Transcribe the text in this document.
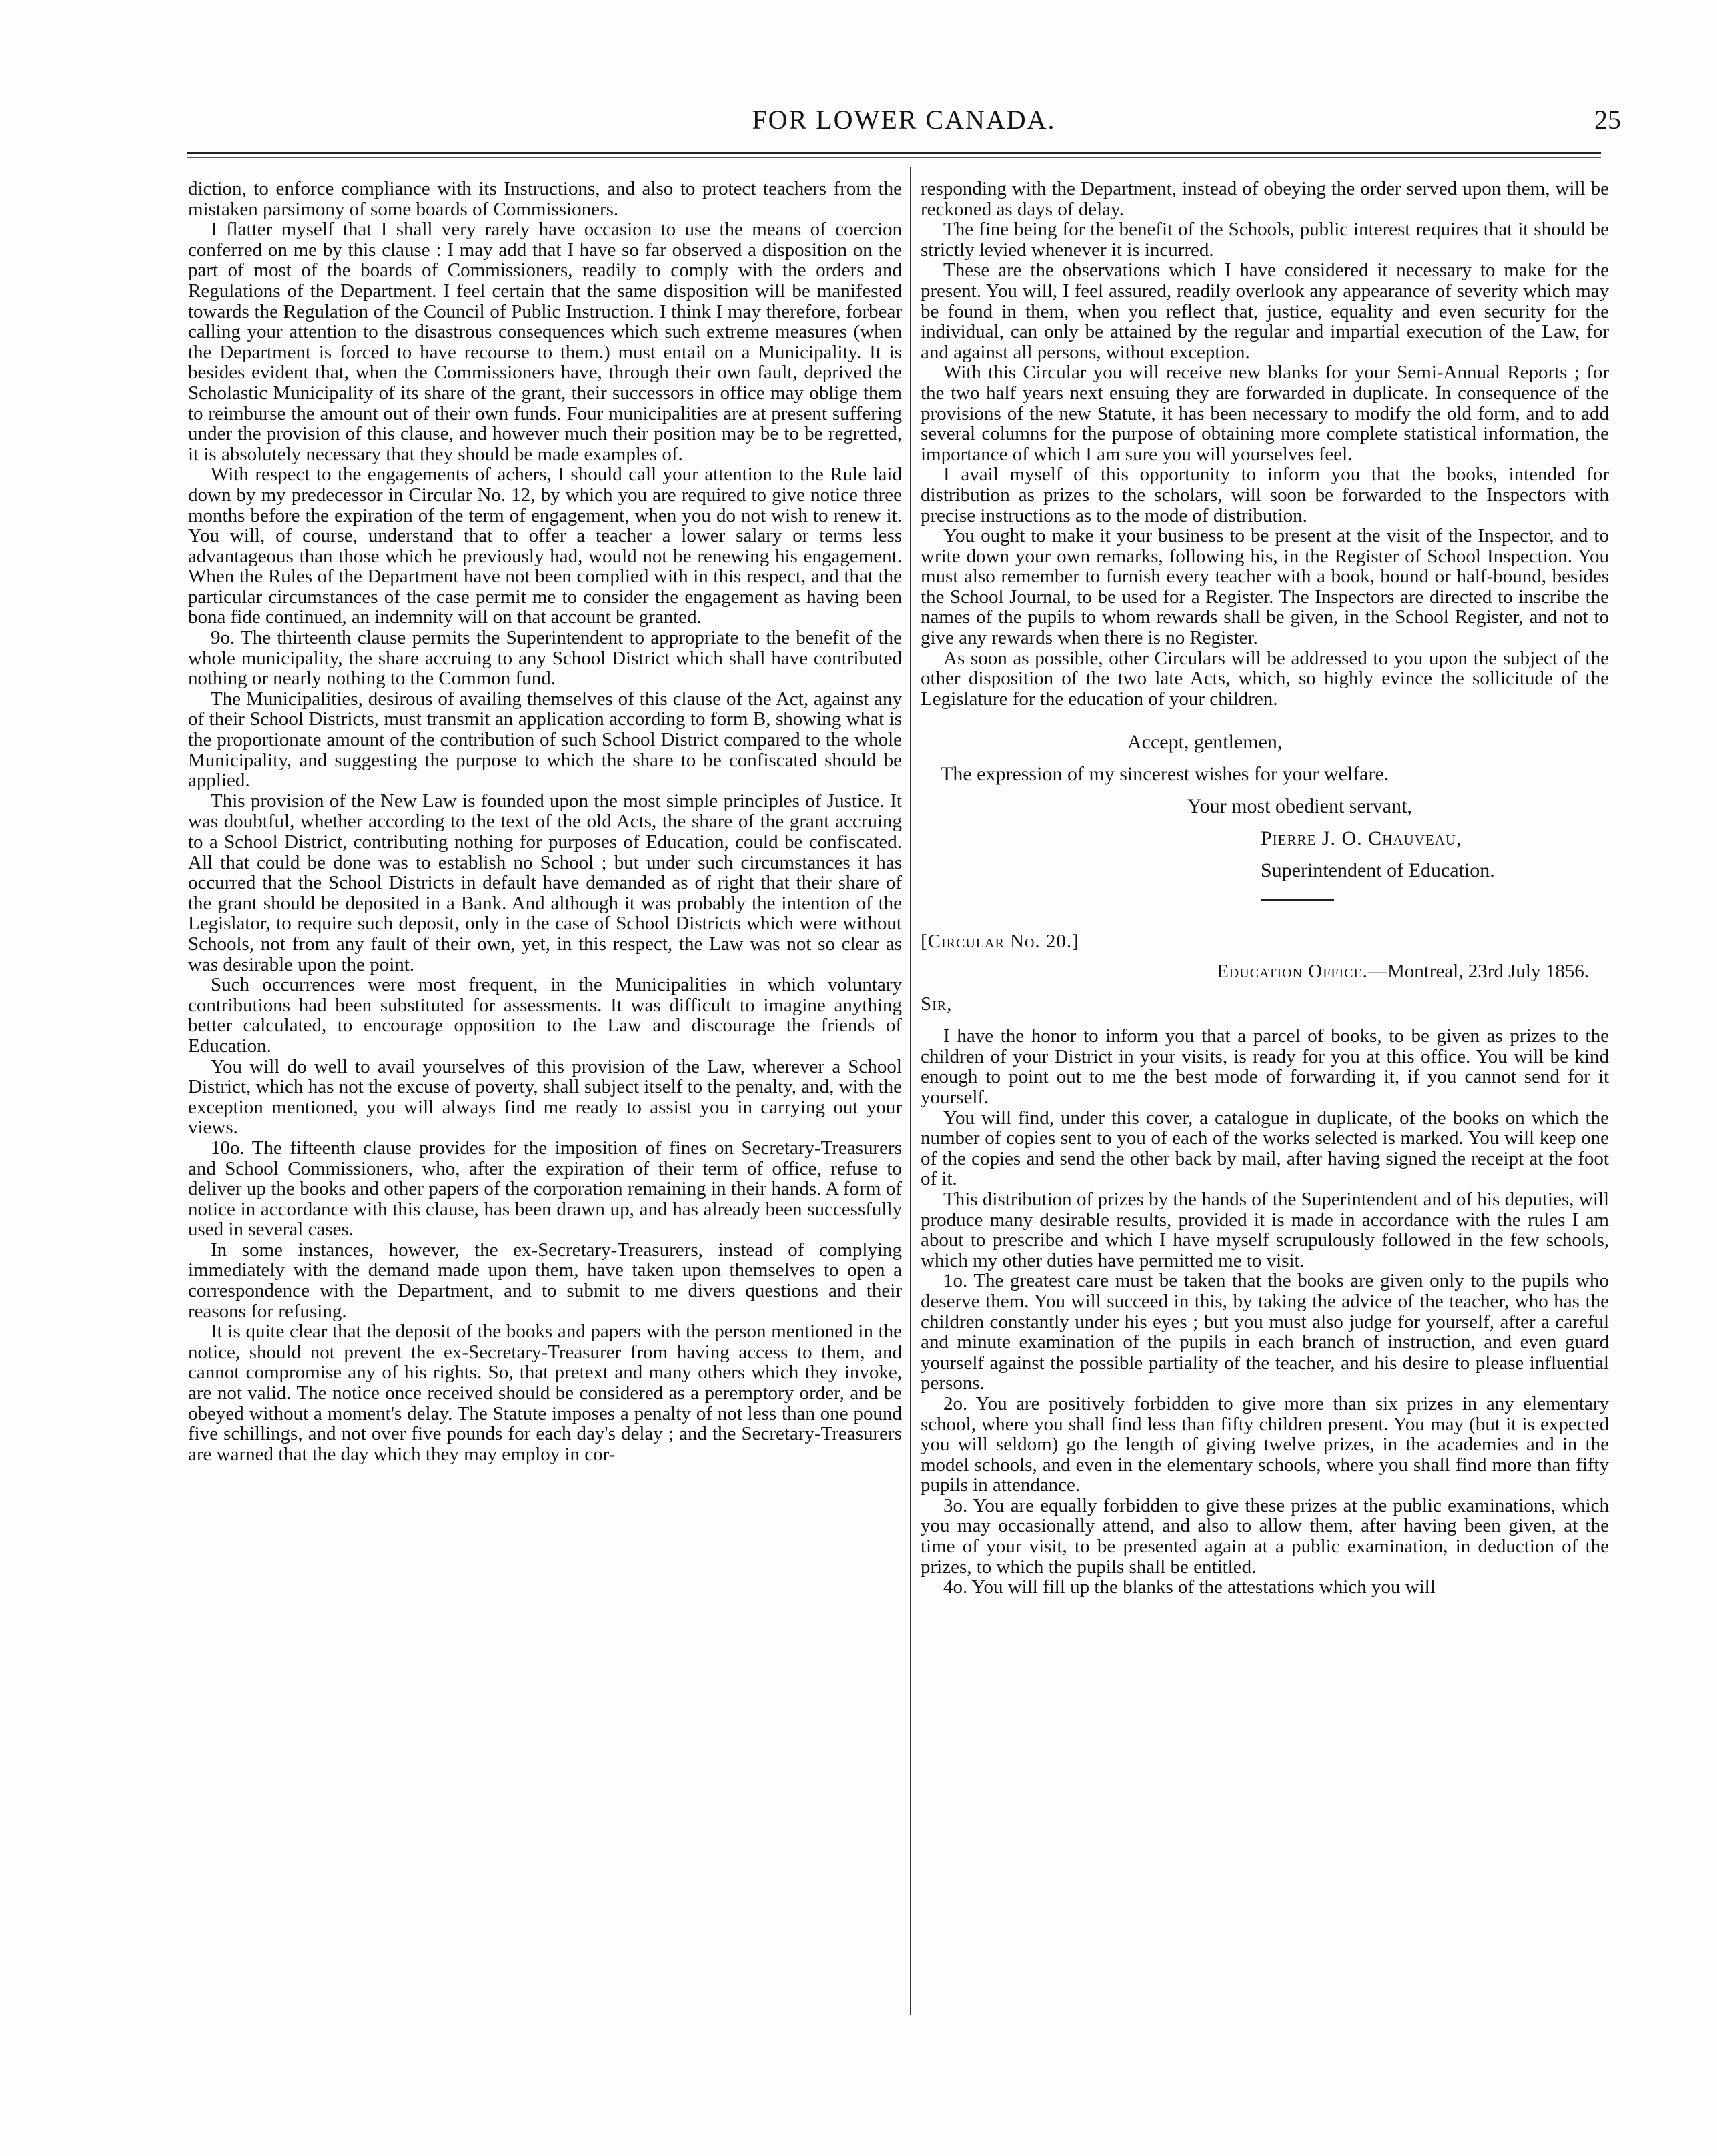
FOR LOWER CANADA.	25

diction, to enforce compliance with its Instructions, and also to protect teachers from the mistaken parsimony of some boards of Commissioners.

I flatter myself that I shall very rarely have occasion to use the means of coercion conferred on me by this clause : I may add that I have so far observed a disposition on the part of most of the boards of Commissioners, readily to comply with the orders and Regulations of the Department. I feel certain that the same disposition will be manifested towards the Regulation of the Council of Public Instruction. I think I may therefore, forbear calling your attention to the disastrous consequences which such extreme measures (when the Department is forced to have recourse to them.) must entail on a Municipality. It is besides evident that, when the Commissioners have, through their own fault, deprived the Scholastic Municipality of its share of the grant, their successors in office may oblige them to reimburse the amount out of their own funds. Four municipalities are at present suffering under the provision of this clause, and however much their position may be to be regretted, it is absolutely necessary that they should be made examples of.

With respect to the engagements of achers, I should call your attention to the Rule laid down by my predecessor in Circular No. 12, by which you are required to give notice three months before the expiration of the term of engagement, when you do not wish to renew it. You will, of course, understand that to offer a teacher a lower salary or terms less advantageous than those which he previously had, would not be renewing his engagement. When the Rules of the Department have not been complied with in this respect, and that the particular circumstances of the case permit me to consider the engagement as having been bona fide continued, an indemnity will on that account be granted.

9o. The thirteenth clause permits the Superintendent to appropriate to the benefit of the whole municipality, the share accruing to any School District which shall have contributed nothing or nearly nothing to the Common fund.

The Municipalities, desirous of availing themselves of this clause of the Act, against any of their School Districts, must transmit an application according to form B, showing what is the proportionate amount of the contribution of such School District compared to the whole Municipality, and suggesting the purpose to which the share to be confiscated should be applied.

This provision of the New Law is founded upon the most simple principles of Justice. It was doubtful, whether according to the text of the old Acts, the share of the grant accruing to a School District, contributing nothing for purposes of Education, could be confiscated. All that could be done was to establish no School ; but under such circumstances it has occurred that the School Districts in default have demanded as of right that their share of the grant should be deposited in a Bank. And although it was probably the intention of the Legislator, to require such deposit, only in the case of School Districts which were without Schools, not from any fault of their own, yet, in this respect, the Law was not so clear as was desirable upon the point.

Such occurrences were most frequent, in the Municipalities in which voluntary contributions had been substituted for assessments. It was difficult to imagine anything better calculated, to encourage opposition to the Law and discourage the friends of Education.

You will do well to avail yourselves of this provision of the Law, wherever a School District, which has not the excuse of poverty, shall subject itself to the penalty, and, with the exception mentioned, you will always find me ready to assist you in carrying out your views.

10o. The fifteenth clause provides for the imposition of fines on Secretary-Treasurers and School Commissioners, who, after the expiration of their term of office, refuse to deliver up the books and other papers of the corporation remaining in their hands. A form of notice in accordance with this clause, has been drawn up, and has already been successfully used in several cases.

In some instances, however, the ex-Secretary-Treasurers, instead of complying immediately with the demand made upon them, have taken upon themselves to open a correspondence with the Department, and to submit to me divers questions and their reasons for refusing.

It is quite clear that the deposit of the books and papers with the person mentioned in the notice, should not prevent the ex-Secretary-Treasurer from having access to them, and cannot compromise any of his rights. So, that pretext and many others which they invoke, are not valid. The notice once received should be considered as a peremptory order, and be obeyed without a moment's delay. The Statute imposes a penalty of not less than one pound five schillings, and not over five pounds for each day's delay ; and the Secretary-Treasurers are warned that the day which they may employ in cor-

responding with the Department, instead of obeying the order served upon them, will be reckoned as days of delay.

The fine being for the benefit of the Schools, public interest requires that it should be strictly levied whenever it is incurred.

These are the observations which I have considered it necessary to make for the present. You will, I feel assured, readily overlook any appearance of severity which may be found in them, when you reflect that, justice, equality and even security for the individual, can only be attained by the regular and impartial execution of the Law, for and against all persons, without exception.

With this Circular you will receive new blanks for your Semi-Annual Reports ; for the two half years next ensuing they are forwarded in duplicate. In consequence of the provisions of the new Statute, it has been necessary to modify the old form, and to add several columns for the purpose of obtaining more complete statistical information, the importance of which I am sure you will yourselves feel.

I avail myself of this opportunity to inform you that the books, intended for distribution as prizes to the scholars, will soon be forwarded to the Inspectors with precise instructions as to the mode of distribution.

You ought to make it your business to be present at the visit of the Inspector, and to write down your own remarks, following his, in the Register of School Inspection. You must also remember to furnish every teacher with a book, bound or half-bound, besides the School Journal, to be used for a Register. The Inspectors are directed to inscribe the names of the pupils to whom rewards shall be given, in the School Register, and not to give any rewards when there is no Register.

As soon as possible, other Circulars will be addressed to you upon the subject of the other disposition of the two late Acts, which, so highly evince the sollicitude of the Legislature for the education of your children.

Accept, gentlemen,
The expression of my sincerest wishes for your welfare.
Your most obedient servant,
Pierre J. O. Chauveau,
Superintendent of Education.
[Circular No. 20.]
Education Office.—Montreal, 23rd July 1856.
Sir,

I have the honor to inform you that a parcel of books, to be given as prizes to the children of your District in your visits, is ready for you at this office. You will be kind enough to point out to me the best mode of forwarding it, if you cannot send for it yourself.

You will find, under this cover, a catalogue in duplicate, of the books on which the number of copies sent to you of each of the works selected is marked. You will keep one of the copies and send the other back by mail, after having signed the receipt at the foot of it.

This distribution of prizes by the hands of the Superintendent and of his deputies, will produce many desirable results, provided it is made in accordance with the rules I am about to prescribe and which I have myself scrupulously followed in the few schools, which my other duties have permitted me to visit.

1o. The greatest care must be taken that the books are given only to the pupils who deserve them. You will succeed in this, by taking the advice of the teacher, who has the children constantly under his eyes ; but you must also judge for yourself, after a careful and minute examination of the pupils in each branch of instruction, and even guard yourself against the possible partiality of the teacher, and his desire to please influential persons.

2o. You are positively forbidden to give more than six prizes in any elementary school, where you shall find less than fifty children present. You may (but it is expected you will seldom) go the length of giving twelve prizes, in the academies and in the model schools, and even in the elementary schools, where you shall find more than fifty pupils in attendance.

3o. You are equally forbidden to give these prizes at the public examinations, which you may occasionally attend, and also to allow them, after having been given, at the time of your visit, to be presented again at a public examination, in deduction of the prizes, to which the pupils shall be entitled.

4o. You will fill up the blanks of the attestations which you will
